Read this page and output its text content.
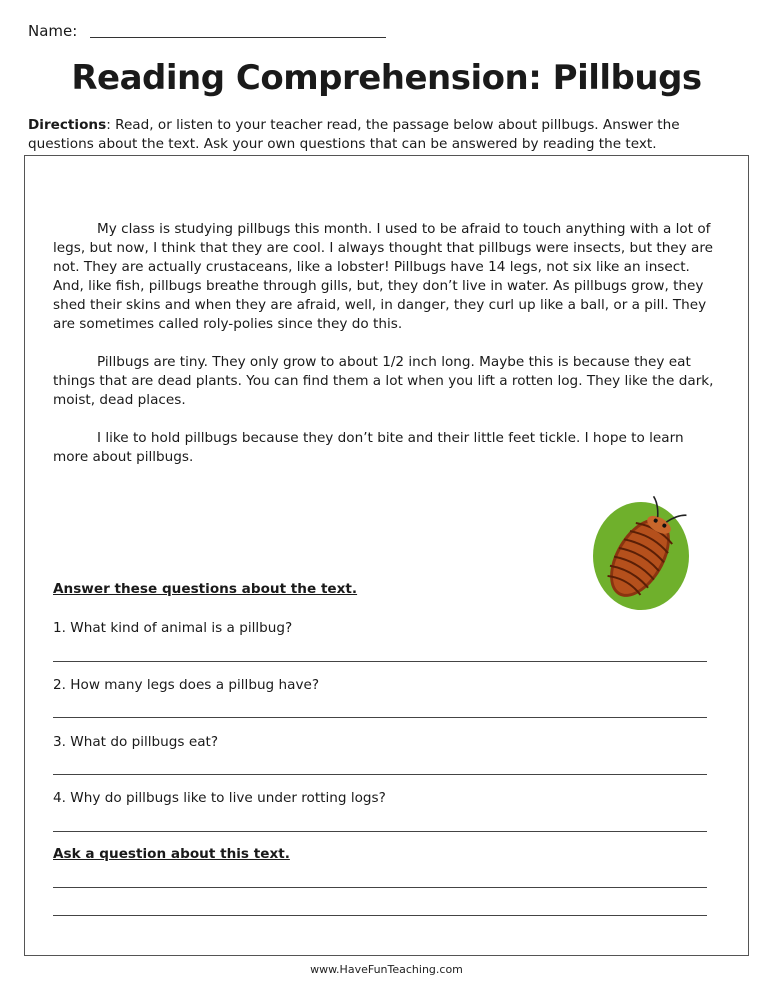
Name:
Reading Comprehension: Pillbugs

Directions: Read, or listen to your teacher read, the passage below about pillbugs. Answer the questions about the text. Ask your own questions that can be answered by reading the text.

My class is studying pillbugs this month. I used to be afraid to touch anything with a lot of legs, but now, I think that they are cool. I always thought that pillbugs were insects, but they are not. They are actually crustaceans, like a lobster! Pillbugs have 14 legs, not six like an insect. And, like fish, pillbugs breathe through gills, but, they don’t live in water. As pillbugs grow, they shed their skins and when they are afraid, well, in danger, they curl up like a ball, or a pill. They are sometimes called roly-polies since they do this.

Pillbugs are tiny. They only grow to about 1/2 inch long. Maybe this is because they eat things that are dead plants. You can find them a lot when you lift a rotten log. They like the dark, moist, dead places.

I like to hold pillbugs because they don’t bite and their little feet tickle. I hope to learn more about pillbugs.

Answer these questions about the text.

1. What kind of animal is a pillbug?

2. How many legs does a pillbug have?

3. What do pillbugs eat?

4. Why do pillbugs like to live under rotting logs?

Ask a question about this text.

www.HaveFunTeaching.com
